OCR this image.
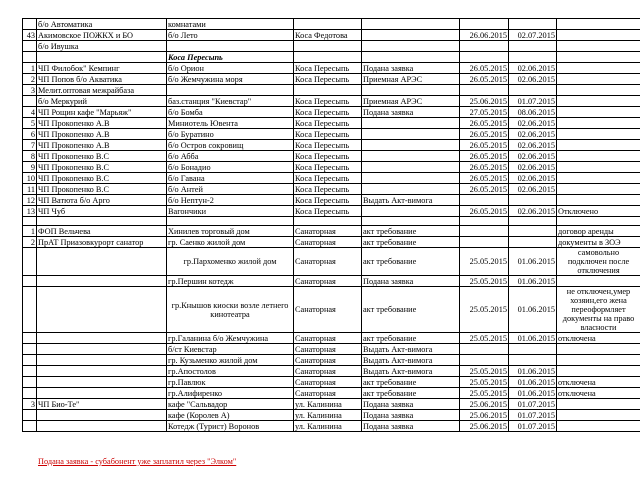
	б/о Автоматика	комнатами					
43	Акимовское ПОЖКХ и БО	б/о Лето	Коса Федотова		26.06.2015	02.07.2015	
	б/о Ивушка						
		Коса Пересыпь					
1	ЧП Филобок" Кемпинг	б/о Орион	Коса Пересыпь	Подана заявка	26.05.2015	02.06.2015	
2	ЧП Попов б/о Акватика	б/о Жемчужина моря	Коса Пересыпь	Приемная АРЭС	26.05.2015	02.06.2015	
3	Мелит.оптовая межрайбаза						
	б/о Меркурий	баз.станция "Киевстар"	Коса Пересыпь	Приемная АРЭС	25.06.2015	01.07.2015	
4	ЧП Рощин кафе "Марьяж"	б/о Бомба	Коса Пересыпь	Подана заявка	27.05.2015	08.06.2015	
5	ЧП Прокопенко А.В	Миниотель Ювента	Коса Пересыпь		26.05.2015	02.06.2015	
6	ЧП Прокопенко А.В	б/о Буратино	Коса Пересыпь		26.05.2015	02.06.2015	
7	ЧП Прокопенко А.В	б/о Остров сокровищ	Коса Пересыпь		26.05.2015	02.06.2015	
8	ЧП Прокопенко В.С	б/о Абба	Коса Пересыпь		26.05.2015	02.06.2015	
9	ЧП Прокопенко В.С	б/о Бонадио	Коса Пересыпь		26.05.2015	02.06.2015	
10	ЧП Прокопенко В.С	б/о Гавана	Коса Пересыпь		26.05.2015	02.06.2015	
11	ЧП Прокопенко В.С	б/о Антей	Коса Пересыпь		26.05.2015	02.06.2015	
12	ЧП Ватюта б/о Арго	б/о Нептун-2	Коса Пересыпь	Выдать Акт-вимога			
13	ЧП Чуб	Вагончики	Коса Пересыпь		26.05.2015	02.06.2015	Отключено

1	ФОП Вельчева	Хинилев торговый дом	Санаторная	акт требование			договор аренды
2	ПрАТ Приазовкурорт санатор	гр. Саенко жилой дом	Санаторная	акт требование			документы в ЗОЭ
		гр.Пархоменко жилой дом	Санаторная	акт требование	25.05.2015	01.06.2015	самовольно подключен после отключения
		гр.Першин котедж	Санаторная	Подана заявка	25.05.2015	01.06.2015	
		гр.Кнышов киоски возле летнего кинотеатра	Санаторная	акт требование	25.05.2015	01.06.2015	не отключен,умер хозяин,его жена переоформляет документы на право власности
		гр.Галанина б/о Жемчужина	Санаторная	акт требование	25.05.2015	01.06.2015	отключена
		б/ст Киевстар	Санаторная	Выдать Акт-вимога			
		гр. Кузьменко жилой дом	Санаторная	Выдать Акт-вимога			
		гр.Апостолов	Санаторная	Выдать Акт-вимога	25.05.2015	01.06.2015	
		гр.Павлюк	Санаторная	акт требование	25.05.2015	01.06.2015	отключена
		гр.Алифиренко	Санаторная	акт требование	25.05.2015	01.06.2015	отключена
3	ЧП Био-Те"	кафе "Сальвадор	ул. Калинина	Подана заявка	25.06.2015	01.07.2015	
		кафе (Королев А)	ул. Калинина	Подана заявка	25.06.2015	01.07.2015	
		Котедж (Турист) Воронов	ул. Калинина	Подана заявка	25.06.2015	01.07.2015	
Подана заявка - субабонент уже заплатил через "Элком"
